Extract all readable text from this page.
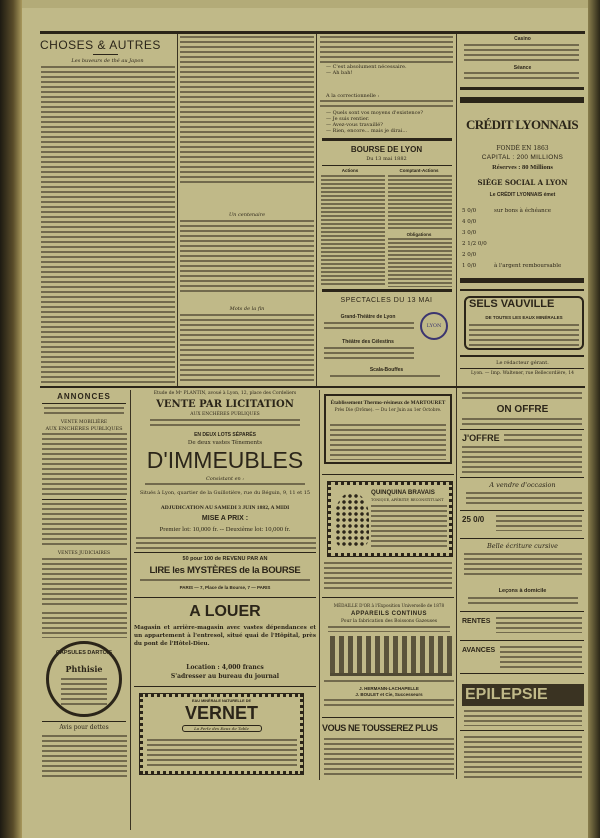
CHOSES & AUTRES
Les buveurs de thé au Japon
Un centenaire
Mots de la fin
— C'est absolument nécessaire.
— Ah bah!
A la correctionnelle :
— Quels sont vos moyens d'existence?
— Je suis rentier.
— Avez-vous travaillé?
— Rien, encore... mais je dirai...
BOURSE DE LYON
Du 13 mai 1882
Actions	Comptant-Actions
Obligations
SPECTACLES DU 13 MAI
Grand-Théâtre de Lyon
Théâtre des Célestins
Scala-Bouffes
LYON
Casino
Séance
CRÉDIT LYONNAIS
FONDÉ EN 1863
CAPITAL : 200 MILLIONS
Réserves : 80 Millions
SIÈGE SOCIAL A LYON
Le CRÉDIT LYONNAIS émet
5 0/0	sur bons à échéance
4 0/0
3 0/0
2 1/2 0/0
2 0/0
1 0/0	à l'argent remboursable
SELS VAUVILLE
DE TOUTES LES EAUX MINÉRALES
Le rédacteur gérant.
Lyon. — Imp. Waltener, rue Bellecordière, 14
ANNONCES
VENTE MOBILIÈRE
AUX ENCHÈRES PUBLIQUES
VENTES JUDICIAIRES
CAPSULES DARTOIS
Phthisie
Avis pour dettes
Etude de Mᵉ PLANTIN, avoué à Lyon, 12, place des Cordeliers
VENTE PAR LICITATION
AUX ENCHÈRES PUBLIQUES
EN DEUX LOTS SÉPARÉS
De deux vastes Ténements
D'IMMEUBLES
Consistant en :
Situés à Lyon, quartier de la Guillotière, rue du Béguin, 9, 11 et 15
ADJUDICATION AU SAMEDI 3 JUIN 1882, A MIDI
MISE A PRIX :
Premier lot: 10,000 fr. -- Deuxième lot: 10,000 fr.
50 pour 100 de REVENU PAR AN
LIRE les MYSTÈRES de la BOURSE
PARIS — 7, Place de la Bourse, 7 — PARIS
A LOUER
Magasin et arrière-magasin avec vastes dépendances et un appartement à l'entresol, situé quai de l'Hôpital, près du pont de l'Hôtel-Dieu.
Location : 4,000 francs
S'adresser au bureau du journal
EAU MINÉRALE NATURELLE DE
VERNET
La Perle des Eaux de Table
Établissement Thermo-résineux de MARTOURET
Près Die (Drôme). — Du 1er Juin au 1er Octobre.
QUINQUINA BRAVAIS
TONIQUE, APÉRITIF, RECONSTITUANT
MÉDAILLE D'OR à l'Exposition Universelle de 1878
APPAREILS CONTINUS
Pour la fabrication des Boissons Gazeuses
J. HERMANN-LACHAPELLE
J. BOULET et Cie, Successeurs
VOUS NE TOUSSEREZ PLUS
ON OFFRE
J'OFFRE
A vendre d'occasion
25 0/0
Belle écriture cursive
Leçons à domicile
RENTES
AVANCES
EPILEPSIE
